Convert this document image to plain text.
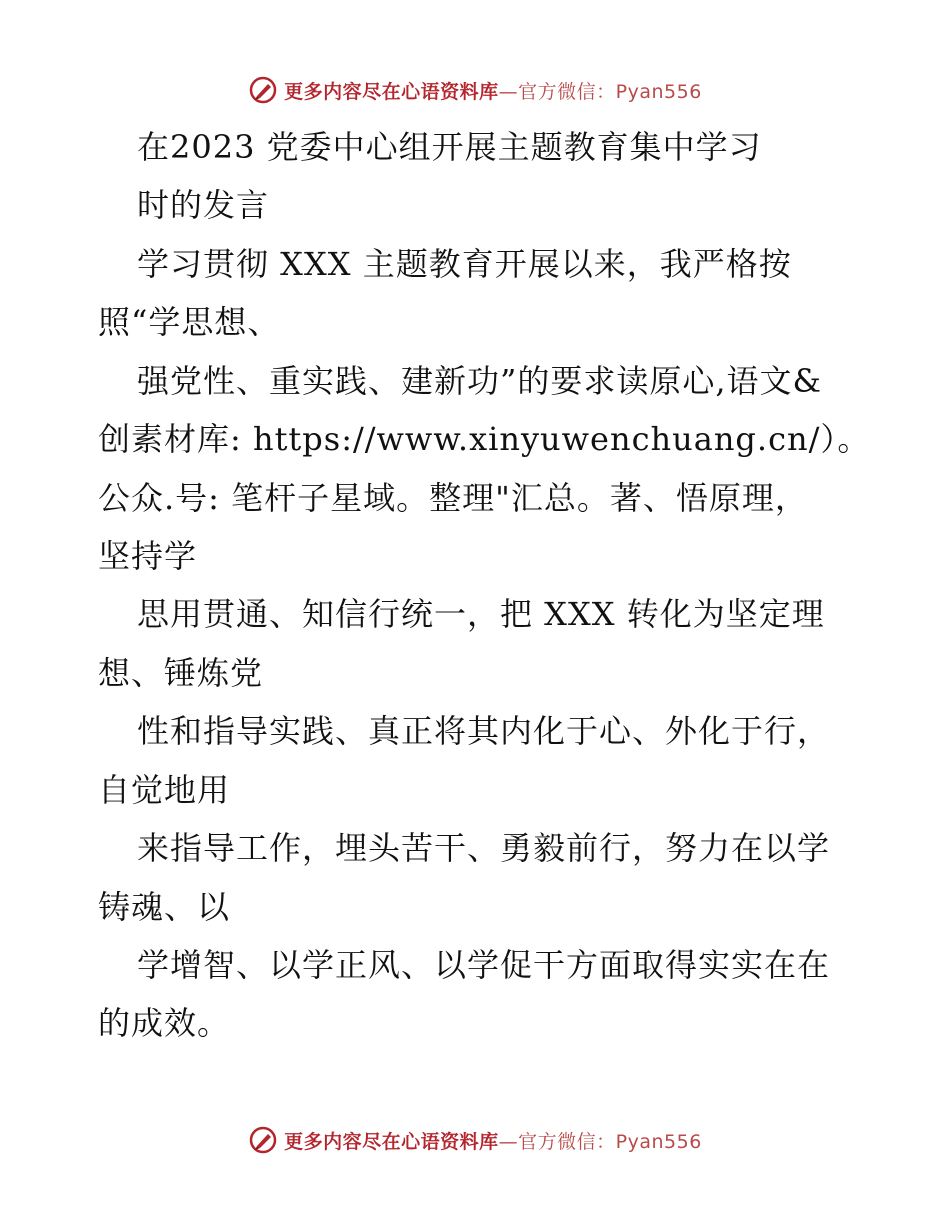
更多内容尽在心语资料库—官方微信：Pyan556
在2023 党委中心组开展主题教育集中学习
时的发言
学习贯彻 XXX 主题教育开展以来，我严格按
照“学思想、
强党性、重实践、建新功”的要求读原心,语文&
创素材库: https://www.xinyuwenchuang.cn/）。
公众.号: 笔杆子星域。整理"汇总。著、悟原理，
坚持学
思用贯通、知信行统一，把 XXX 转化为坚定理
想、锤炼党
性和指导实践、真正将其内化于心、外化于行，
自觉地用
来指导工作，埋头苦干、勇毅前行，努力在以学
铸魂、以
学增智、以学正风、以学促干方面取得实实在在
的成效。
更多内容尽在心语资料库—官方微信：Pyan556
